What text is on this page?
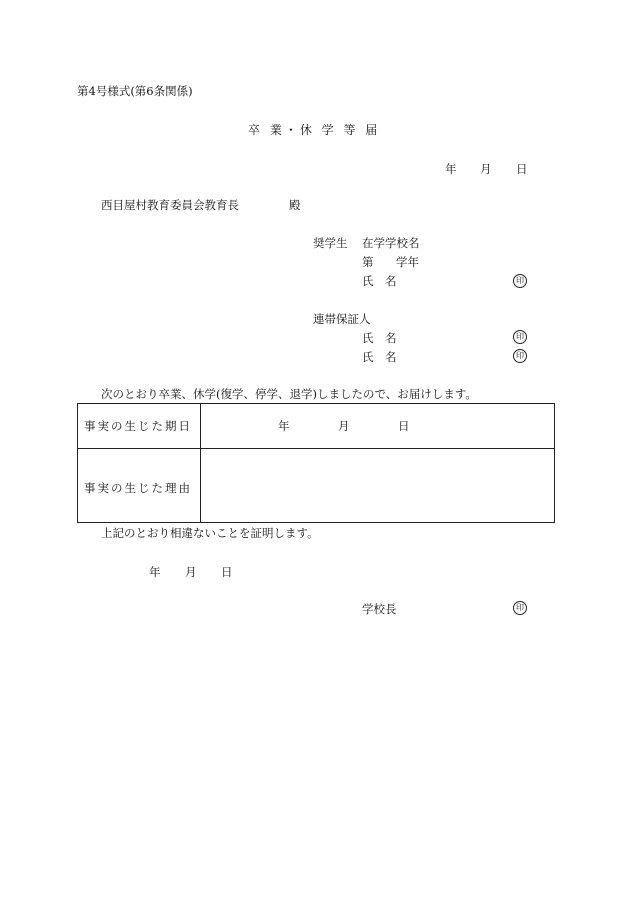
第4号様式(第6条関係)
卒 業・休 学 等 届
年 月 日
西目屋村教育委員会教育長	殿
奨学生 在学学校名
第 学年
氏　名	印
連帯保証人
氏　名	印
氏　名	印
次のとおり卒業、休学(復学、停学、退学)しましたので、お届けします。
事実の生じた期日	年	月	日
事実の生じた理由
上記のとおり相違ないことを証明します。
年 月 日
学校長	印
